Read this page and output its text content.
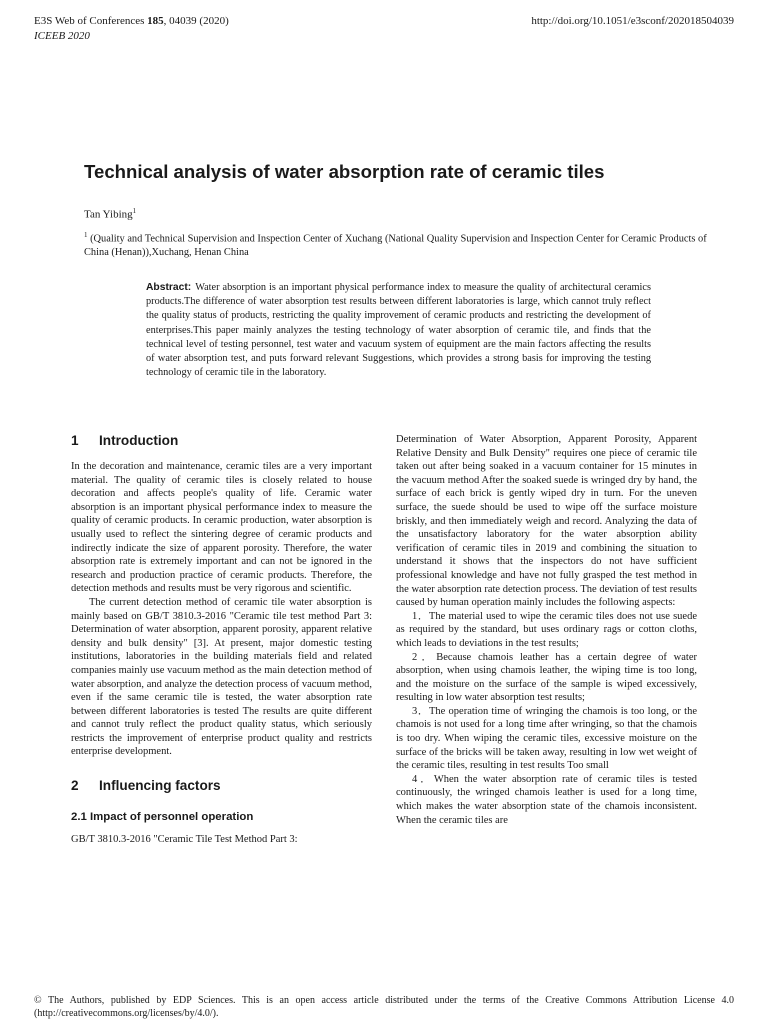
E3S Web of Conferences 185, 04039 (2020)
ICEEB 2020
http://doi.org/10.1051/e3sconf/202018504039
Technical analysis of water absorption rate of ceramic tiles
Tan Yibing$^1$
$^1$ (Quality and Technical Supervision and Inspection Center of Xuchang (National Quality Supervision and Inspection Center for Ceramic Products of China (Henan)),Xuchang, Henan China
Abstract: Water absorption is an important physical performance index to measure the quality of architectural ceramics products.The difference of water absorption test results between different laboratories is large, which cannot truly reflect the quality status of products, restricting the quality improvement of ceramic products and restricting the development of enterprises.This paper mainly analyzes the testing technology of water absorption of ceramic tile, and finds that the technical level of testing personnel, test water and vacuum system of equipment are the main factors affecting the results of water absorption test, and puts forward relevant Suggestions, which provides a strong basis for improving the testing technology of ceramic tile in the laboratory.
1 Introduction

In the decoration and maintenance, ceramic tiles are a very important material. The quality of ceramic tiles is closely related to house decoration and affects people's quality of life. Ceramic water absorption is an important physical performance index to measure the quality of ceramic products. In ceramic production, water absorption is usually used to reflect the sintering degree of ceramic products and indirectly indicate the size of apparent porosity. Therefore, the water absorption rate is extremely important and can not be ignored in the research and production practice of ceramic products. Therefore, the detection methods and results must be very rigorous and scientific.

The current detection method of ceramic tile water absorption is mainly based on GB/T 3810.3-2016 "Ceramic tile test method Part 3: Determination of water absorption, apparent porosity, apparent relative density and bulk density" [3]. At present, major domestic testing institutions, laboratories in the building materials field and related companies mainly use vacuum method as the main detection method of water absorption, and analyze the detection process of vacuum method, even if the same ceramic tile is tested, the water absorption rate between different laboratories is tested The results are quite different and cannot truly reflect the product quality status, which seriously restricts the improvement of enterprise product quality and restricts enterprise development.

2 Influencing factors
2.1 Impact of personnel operation

GB/T 3810.3-2016 "Ceramic Tile Test Method Part 3:

Determination of Water Absorption, Apparent Porosity, Apparent Relative Density and Bulk Density" requires one piece of ceramic tile taken out after being soaked in a vacuum container for 15 minutes in the vacuum method After the soaked suede is wringed dry by hand, the surface of each brick is gently wiped dry in turn. For the uneven surface, the suede should be used to wipe off the surface moisture briskly, and then immediately weigh and record. Analyzing the data of the unsatisfactory laboratory for the water absorption ability verification of ceramic tiles in 2019 and combining the situation to understand it shows that the inspectors do not have sufficient professional knowledge and have not fully grasped the test method in the water absorption rate detection process. The deviation of test results caused by human operation mainly includes the following aspects:

1．The material used to wipe the ceramic tiles does not use suede as required by the standard, but uses ordinary rags or cotton cloths, which leads to deviations in the test results;

2．Because chamois leather has a certain degree of water absorption, when using chamois leather, the wiping time is too long, and the moisture on the surface of the sample is wiped excessively, resulting in low water absorption test results;

3．The operation time of wringing the chamois is too long, or the chamois is not used for a long time after wringing, so that the chamois is too dry. When wiping the ceramic tiles, excessive moisture on the surface of the bricks will be taken away, resulting in low wet weight of the ceramic tiles, resulting in test results Too small

4．When the water absorption rate of ceramic tiles is tested continuously, the wringed chamois leather is used for a long time, which makes the water absorption state of the chamois inconsistent. When the ceramic tiles are

© The Authors, published by EDP Sciences. This is an open access article distributed under the terms of the Creative Commons Attribution License 4.0 (http://creativecommons.org/licenses/by/4.0/).
